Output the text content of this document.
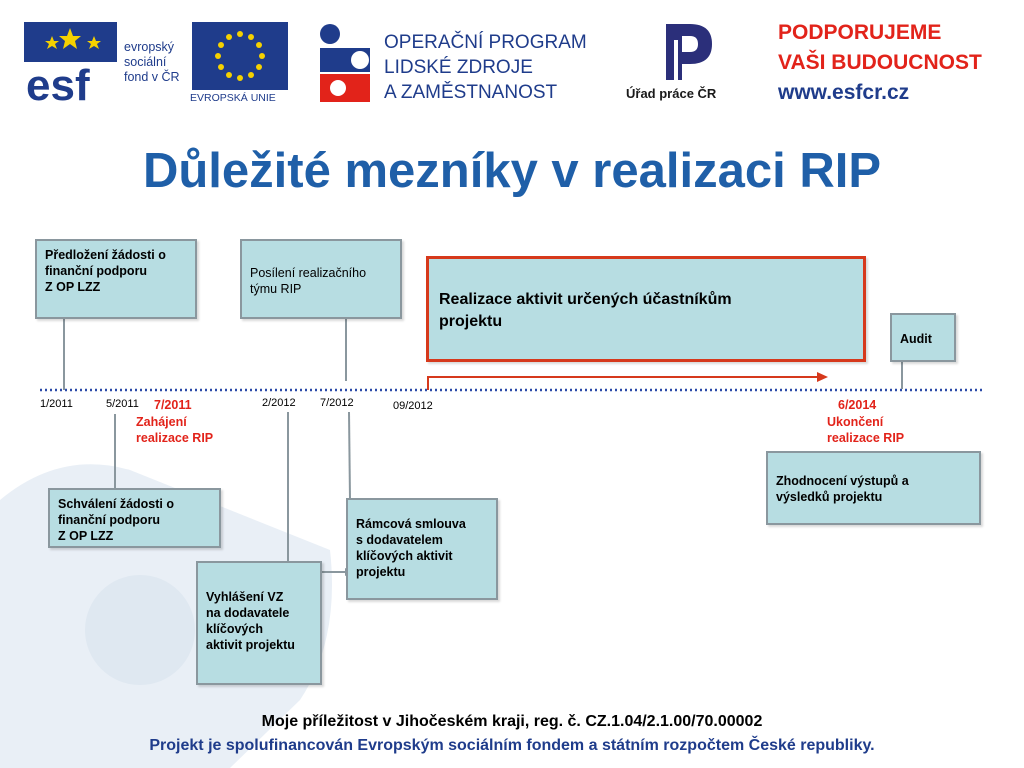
esf
evropský
sociální
fond v ČR
EVROPSKÁ UNIE
OPERAČNÍ PROGRAM
LIDSKÉ ZDROJE
A ZAMĚSTNANOST	Úřad práce ČR
PODPORUJEME
VAŠI BUDOUCNOST
www.esfcr.cz
Důležité mezníky v realizaci RIP
Předložení žádosti o
finanční podporu
Z OP LZZ
Posílení realizačního
týmu RIP
Realizace aktivit určených účastníkům
projektu
Audit
Schválení žádosti o
finanční podporu
Z OP LZZ
Rámcová smlouva
s dodavatelem
klíčových aktivit
projektu
Vyhlášení VZ
na dodavatele
klíčových
aktivit projektu
Zhodnocení výstupů a
výsledků projektu
1/2011	5/2011 7/2011
Zahájení
realizace RIP
2/2012 7/2012	09/2012	6/2014
Ukončení
realizace RIP
Moje příležitost v Jihočeském kraji, reg. č. CZ.1.04/2.1.00/70.00002
Projekt je spolufinancován Evropským sociálním fondem a státním rozpočtem České republiky.
